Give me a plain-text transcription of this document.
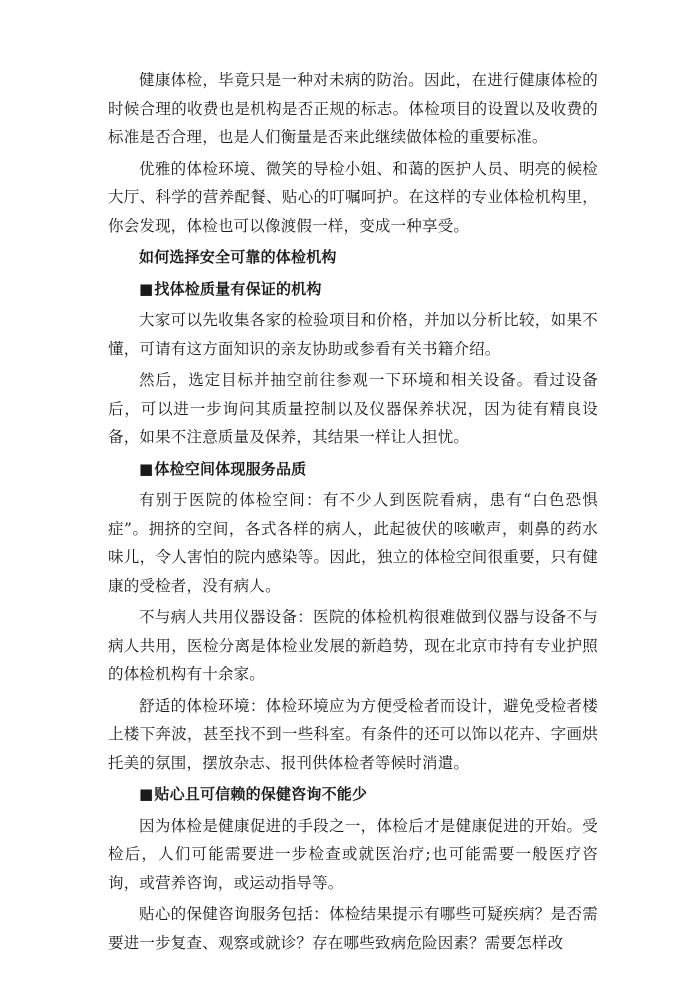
健康体检，毕竟只是一种对未病的防治。因此，在进行健康体检的时候合理的收费也是机构是否正规的标志。体检项目的设置以及收费的标准是否合理，也是人们衡量是否来此继续做体检的重要标准。

优雅的体检环境、微笑的导检小姐、和蔼的医护人员、明亮的候检大厅、科学的营养配餐、贴心的叮嘱呵护。在这样的专业体检机构里，你会发现，体检也可以像渡假一样，变成一种享受。

如何选择安全可靠的体检机构

■找体检质量有保证的机构

大家可以先收集各家的检验项目和价格，并加以分析比较，如果不懂，可请有这方面知识的亲友协助或参看有关书籍介绍。

然后，选定目标并抽空前往参观一下环境和相关设备。看过设备后，可以进一步询问其质量控制以及仪器保养状况，因为徒有精良设备，如果不注意质量及保养，其结果一样让人担忧。

■体检空间体现服务品质

有别于医院的体检空间：有不少人到医院看病，患有“白色恐惧症”。拥挤的空间，各式各样的病人，此起彼伏的咳嗽声，刺鼻的药水味儿，令人害怕的院内感染等。因此，独立的体检空间很重要，只有健康的受检者，没有病人。

不与病人共用仪器设备：医院的体检机构很难做到仪器与设备不与病人共用，医检分离是体检业发展的新趋势，现在北京市持有专业护照的体检机构有十余家。

舒适的体检环境：体检环境应为方便受检者而设计，避免受检者楼上楼下奔波，甚至找不到一些科室。有条件的还可以饰以花卉、字画烘托美的氛围，摆放杂志、报刊供体检者等候时消遣。

■贴心且可信赖的保健咨询不能少

因为体检是健康促进的手段之一，体检后才是健康促进的开始。受检后，人们可能需要进一步检查或就医治疗;也可能需要一般医疗咨询，或营养咨询，或运动指导等。

贴心的保健咨询服务包括：体检结果提示有哪些可疑疾病？是否需要进一步复查、观察或就诊？存在哪些致病危险因素？需要怎样改
